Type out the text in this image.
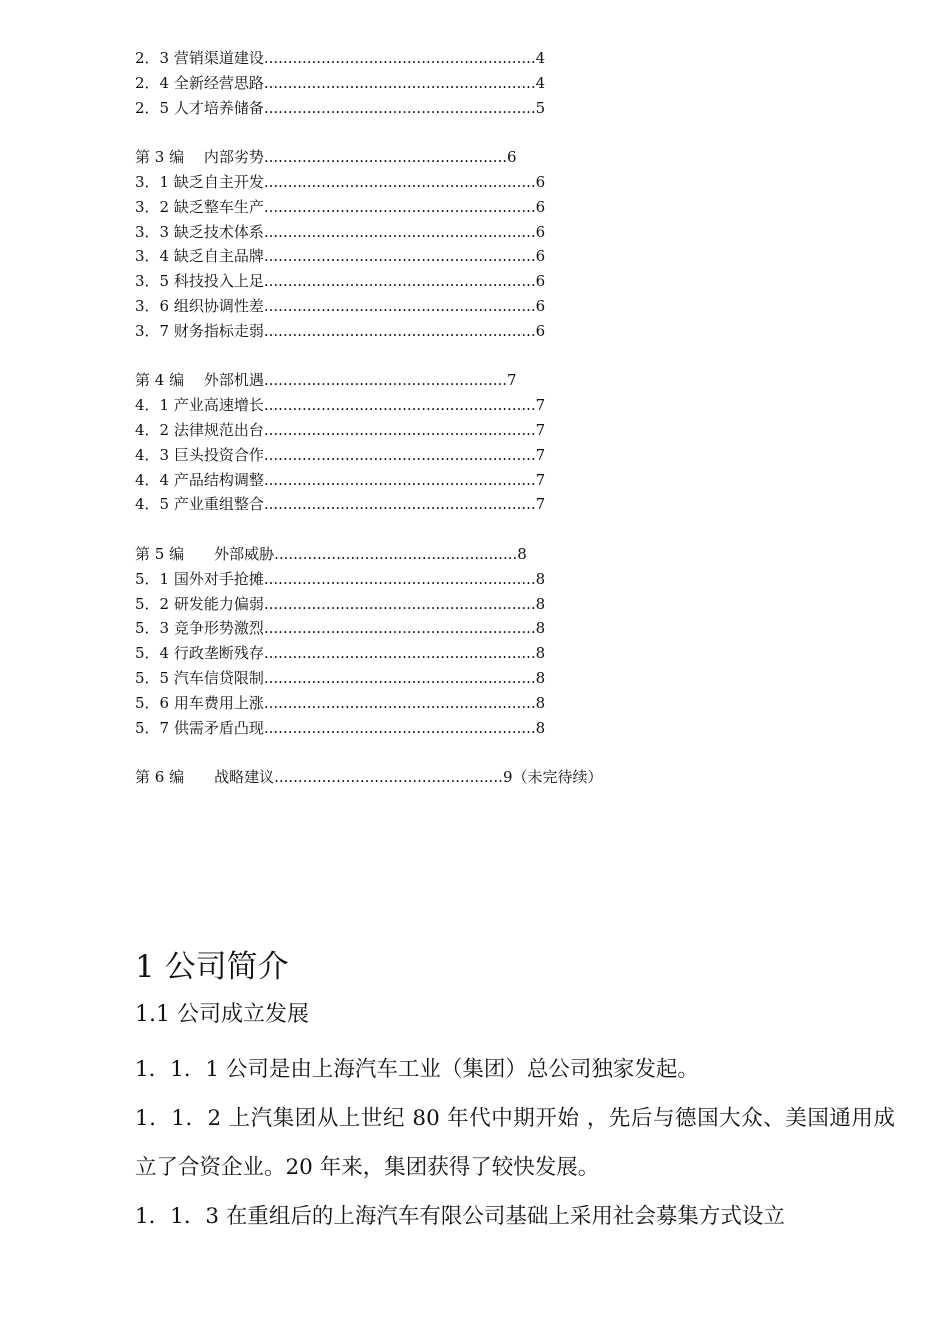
2．3 营销渠道建设.........................................................4
2．4 全新经营思路.........................................................4
2．5 人才培养储备.........................................................5
第 3 编　 内部劣势...................................................6
3．1 缺乏自主开发.........................................................6
3．2 缺乏整车生产.........................................................6
3．3 缺乏技术体系.........................................................6
3．4 缺乏自主品牌.........................................................6
3．5 科技投入上足.........................................................6
3．6 组织协调性差.........................................................6
3．7 财务指标走弱.........................................................6
第 4 编　 外部机遇...................................................7
4．1 产业高速增长.........................................................7
4．2 法律规范出台.........................................................7
4．3 巨头投资合作.........................................................7
4．4 产品结构调整.........................................................7
4．5 产业重组整合.........................................................7
第 5 编　　外部威胁...................................................8
5．1 国外对手抢摊.........................................................8
5．2 研发能力偏弱.........................................................8
5．3 竞争形势激烈.........................................................8
5．4 行政垄断残存.........................................................8
5．5 汽车信贷限制.........................................................8
5．6 用车费用上涨.........................................................8
5．7 供需矛盾凸现.........................................................8
第 6 编　　战略建议................................................9（未完待续）
1 公司简介
1.1 公司成立发展

1．1．1 公司是由上海汽车工业（集团）总公司独家发起。

1．1．2 上汽集团从上世纪 80 年代中期开始 ，先后与德国大众、美国通用成立了合资企业。20 年来，集团获得了较快发展。

1．1．3 在重组后的上海汽车有限公司基础上采用社会募集方式设立
